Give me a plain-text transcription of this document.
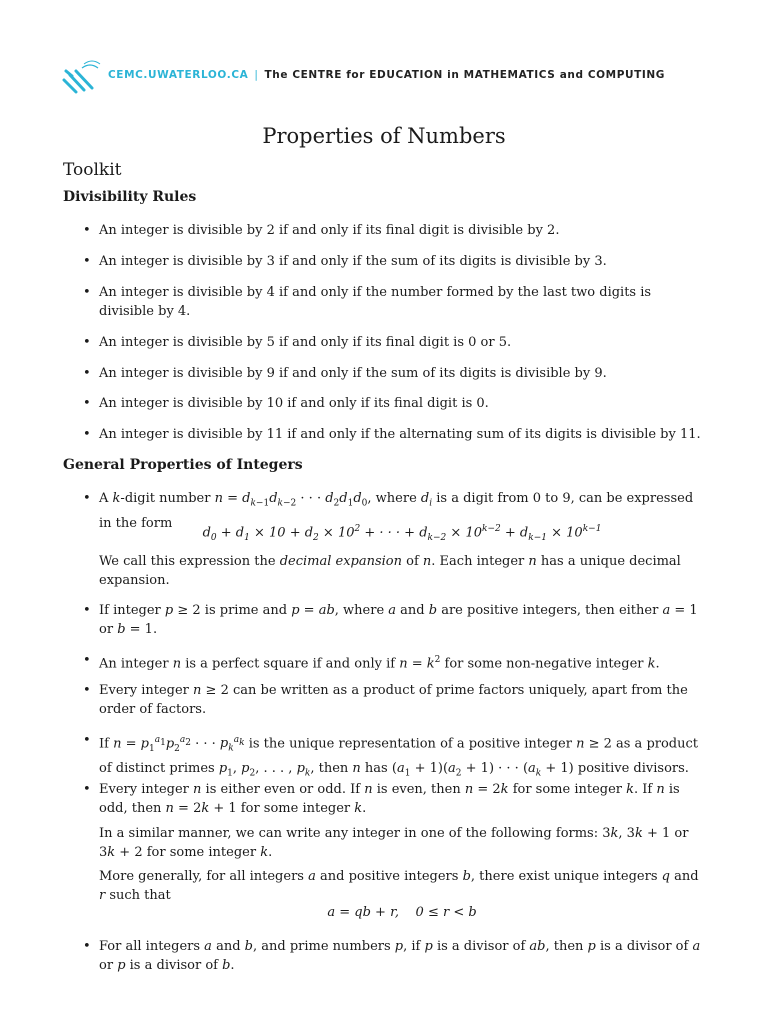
CEMC.UWATERLOO.CA | The CENTRE for EDUCATION in MATHEMATICS and COMPUTING
Properties of Numbers
Toolkit
Divisibility Rules
• An integer is divisible by 2 if and only if its final digit is divisible by 2.
• An integer is divisible by 3 if and only if the sum of its digits is divisible by 3.
• An integer is divisible by 4 if and only if the number formed by the last two digits is divisible by 4.
• An integer is divisible by 5 if and only if its final digit is 0 or 5.
• An integer is divisible by 9 if and only if the sum of its digits is divisible by 9.
• An integer is divisible by 10 if and only if its final digit is 0.
• An integer is divisible by 11 if and only if the alternating sum of its digits is divisible by 11.
General Properties of Integers
• A k-digit number $n = d_{k-1}d_{k-2}$ · · · $d_2d_1d_0$, where $d_i$ is a digit from 0 to 9, can be expressed in the form
$d_0 + d_1 \times 10 + d_2 \times 10^2$ + · · · + $d_{k-2} \times 10^{k-2} + d_{k-1} \times 10^{k-1}$
We call this expression the decimal expansion of n. Each integer n has a unique decimal expansion.
• If integer p ≥ 2 is prime and p = ab, where a and b are positive integers, then either a = 1 or b = 1.
• An integer n is a perfect square if and only if $n = k^2$ for some non-negative integer k.
• Every integer n ≥ 2 can be written as a product of prime factors uniquely, apart from the order of factors.
• If $n = p_1^{a_1}p_2^{a_2}$ · · · $p_k^{a_k}$ is the unique representation of a positive integer n ≥ 2 as a product of distinct primes $p_1$, $p_2$, . . . , $p_k$, then n has $(a_1 + 1)(a_2 + 1)$ · · · $(a_k + 1)$ positive divisors.
• Every integer n is either even or odd. If n is even, then n = 2k for some integer k. If n is odd, then n = 2k + 1 for some integer k.
In a similar manner, we can write any integer in one of the following forms: 3k, 3k + 1 or 3k + 2 for some integer k.
More generally, for all integers a and positive integers b, there exist unique integers q and r such that
a = qb + r,    0 ≤ r < b
• For all integers a and b, and prime numbers p, if p is a divisor of ab, then p is a divisor of a or p is a divisor of b.
